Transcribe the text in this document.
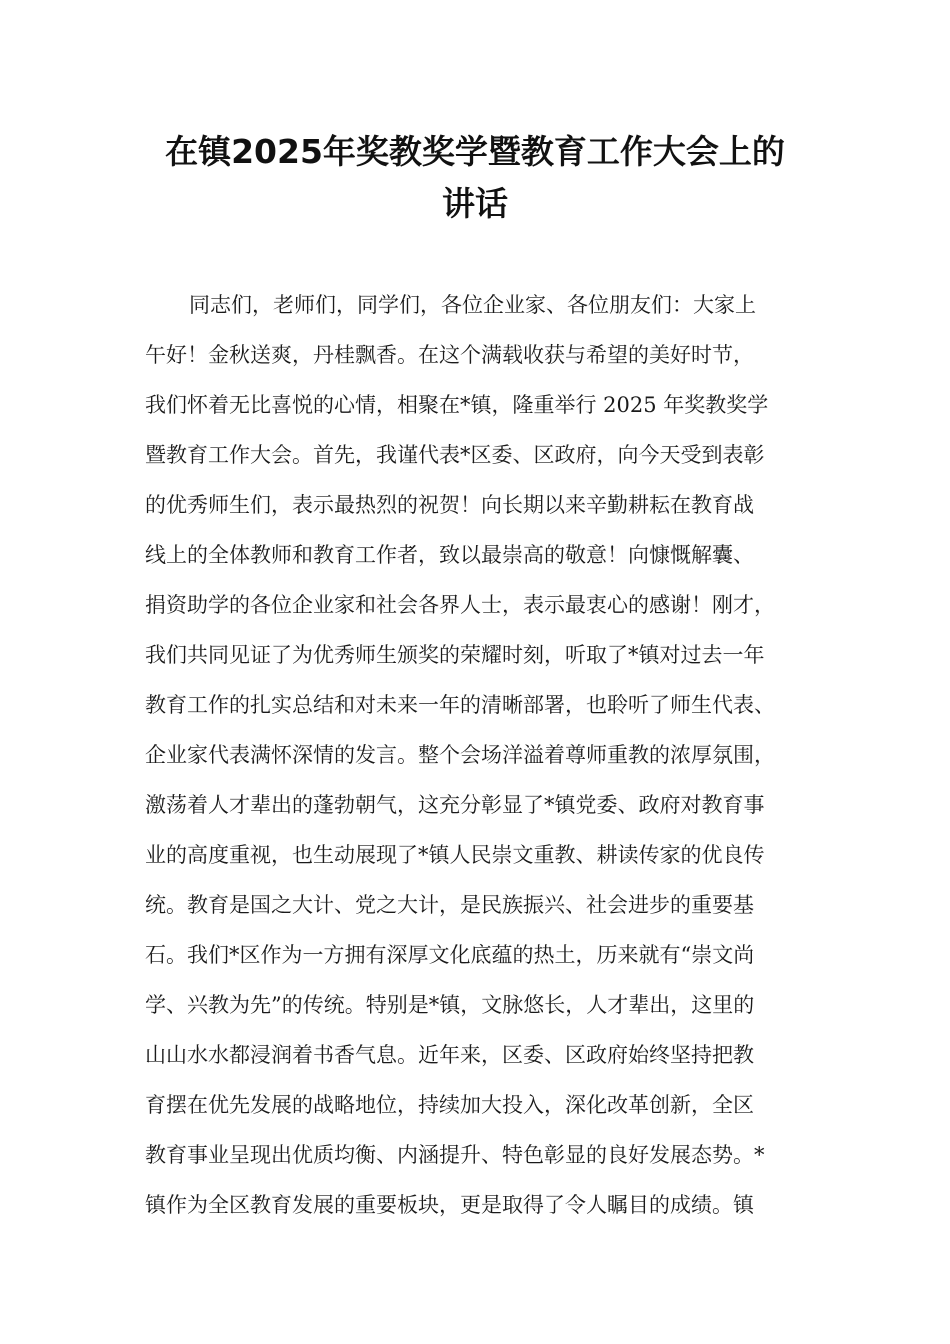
在镇2025年奖教奖学暨教育工作大会上的
讲话
同志们，老师们，同学们，各位企业家、各位朋友们：大家上
午好！金秋送爽，丹桂飘香。在这个满载收获与希望的美好时节，
我们怀着无比喜悦的心情，相聚在*镇，隆重举行 2025 年奖教奖学
暨教育工作大会。首先，我谨代表*区委、区政府，向今天受到表彰
的优秀师生们，表示最热烈的祝贺！向长期以来辛勤耕耘在教育战
线上的全体教师和教育工作者，致以最崇高的敬意！向慷慨解囊、
捐资助学的各位企业家和社会各界人士，表示最衷心的感谢！刚才，
我们共同见证了为优秀师生颁奖的荣耀时刻，听取了*镇对过去一年
教育工作的扎实总结和对未来一年的清晰部署，也聆听了师生代表、
企业家代表满怀深情的发言。整个会场洋溢着尊师重教的浓厚氛围，
激荡着人才辈出的蓬勃朝气，这充分彰显了*镇党委、政府对教育事
业的高度重视，也生动展现了*镇人民崇文重教、耕读传家的优良传
统。教育是国之大计、党之大计，是民族振兴、社会进步的重要基
石。我们*区作为一方拥有深厚文化底蕴的热土，历来就有“崇文尚
学、兴教为先”的传统。特别是*镇，文脉悠长，人才辈出，这里的
山山水水都浸润着书香气息。近年来，区委、区政府始终坚持把教
育摆在优先发展的战略地位，持续加大投入，深化改革创新，全区
教育事业呈现出优质均衡、内涵提升、特色彰显的良好发展态势。*
镇作为全区教育发展的重要板块，更是取得了令人瞩目的成绩。镇
